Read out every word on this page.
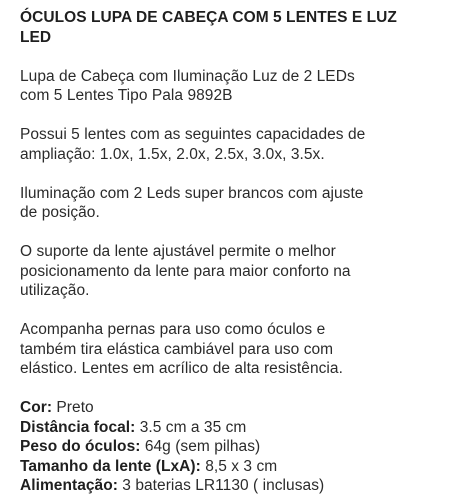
ÓCULOS LUPA DE CABEÇA COM 5 LENTES E LUZ
LED
Lupa de Cabeça com Iluminação Luz de 2 LEDs
com 5 Lentes Tipo Pala 9892B
Possui 5 lentes com as seguintes capacidades de
ampliação: 1.0x, 1.5x, 2.0x, 2.5x, 3.0x, 3.5x.
Iluminação com 2 Leds super brancos com ajuste
de posição.
O suporte da lente ajustável permite o melhor
posicionamento da lente para maior conforto na
utilização.
Acompanha pernas para uso como óculos e
também tira elástica cambiável para uso com
elástico. Lentes em acrílico de alta resistência.
Cor: Preto
Distância focal: 3.5 cm a 35 cm
Peso do óculos: 64g (sem pilhas)
Tamanho da lente (LxA): 8,5 x 3 cm
Alimentação: 3 baterias LR1130 ( inclusas)
